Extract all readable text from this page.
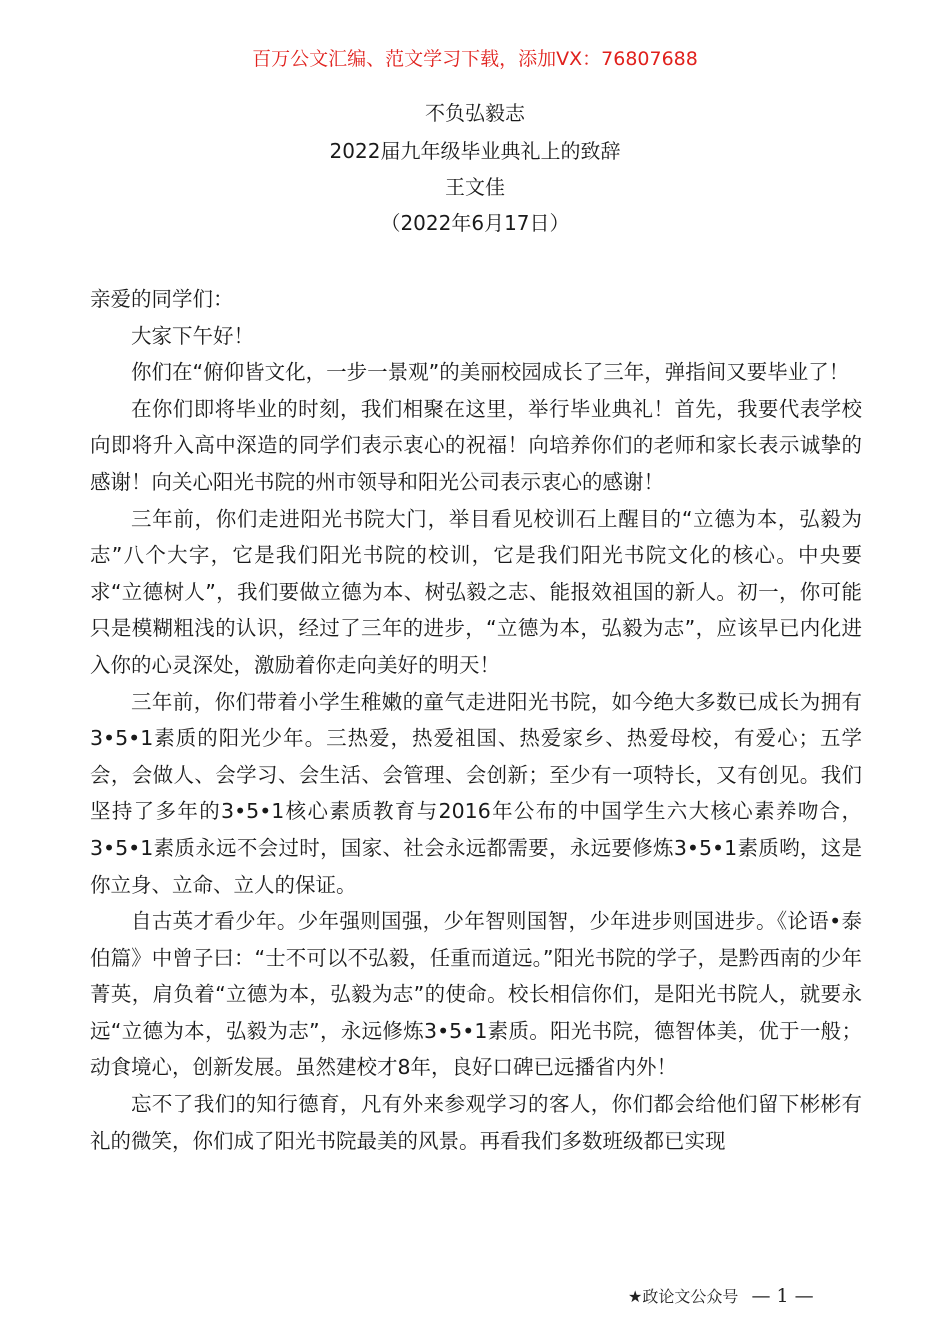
百万公文汇编、范文学习下载，添加VX：76807688
不负弘毅志
2022届九年级毕业典礼上的致辞
王文佳
（2022年6月17日）

亲爱的同学们：

大家下午好！

你们在“俯仰皆文化，一步一景观”的美丽校园成长了三年，弹指间又要毕业了！

在你们即将毕业的时刻，我们相聚在这里，举行毕业典礼！首先，我要代表学校向即将升入高中深造的同学们表示衷心的祝福！向培养你们的老师和家长表示诚挚的感谢！向关心阳光书院的州市领导和阳光公司表示衷心的感谢！

三年前，你们走进阳光书院大门，举目看见校训石上醒目的“立德为本，弘毅为志”八个大字，它是我们阳光书院的校训，它是我们阳光书院文化的核心。中央要求“立德树人”，我们要做立德为本、树弘毅之志、能报效祖国的新人。初一，你可能只是模糊粗浅的认识，经过了三年的进步，“立德为本，弘毅为志”，应该早已内化进入你的心灵深处，激励着你走向美好的明天！

三年前，你们带着小学生稚嫩的童气走进阳光书院，如今绝大多数已成长为拥有3•5•1素质的阳光少年。三热爱，热爱祖国、热爱家乡、热爱母校，有爱心；五学会，会做人、会学习、会生活、会管理、会创新；至少有一项特长，又有创见。我们坚持了多年的3•5•1核心素质教育与2016年公布的中国学生六大核心素养吻合，3•5•1素质永远不会过时，国家、社会永远都需要，永远要修炼3•5•1素质哟，这是你立身、立命、立人的保证。

自古英才看少年。少年强则国强，少年智则国智，少年进步则国进步。《论语•泰伯篇》中曾子曰：“士不可以不弘毅，任重而道远。”阳光书院的学子，是黔西南的少年菁英，肩负着“立德为本，弘毅为志”的使命。校长相信你们，是阳光书院人，就要永远“立德为本，弘毅为志”，永远修炼3•5•1素质。阳光书院，德智体美，优于一般；动食境心，创新发展。虽然建校才8年，良好口碑已远播省内外！

忘不了我们的知行德育，凡有外来参观学习的客人，你们都会给他们留下彬彬有礼的微笑，你们成了阳光书院最美的风景。再看我们多数班级都已实现

★政论文公众号 — 1 —
